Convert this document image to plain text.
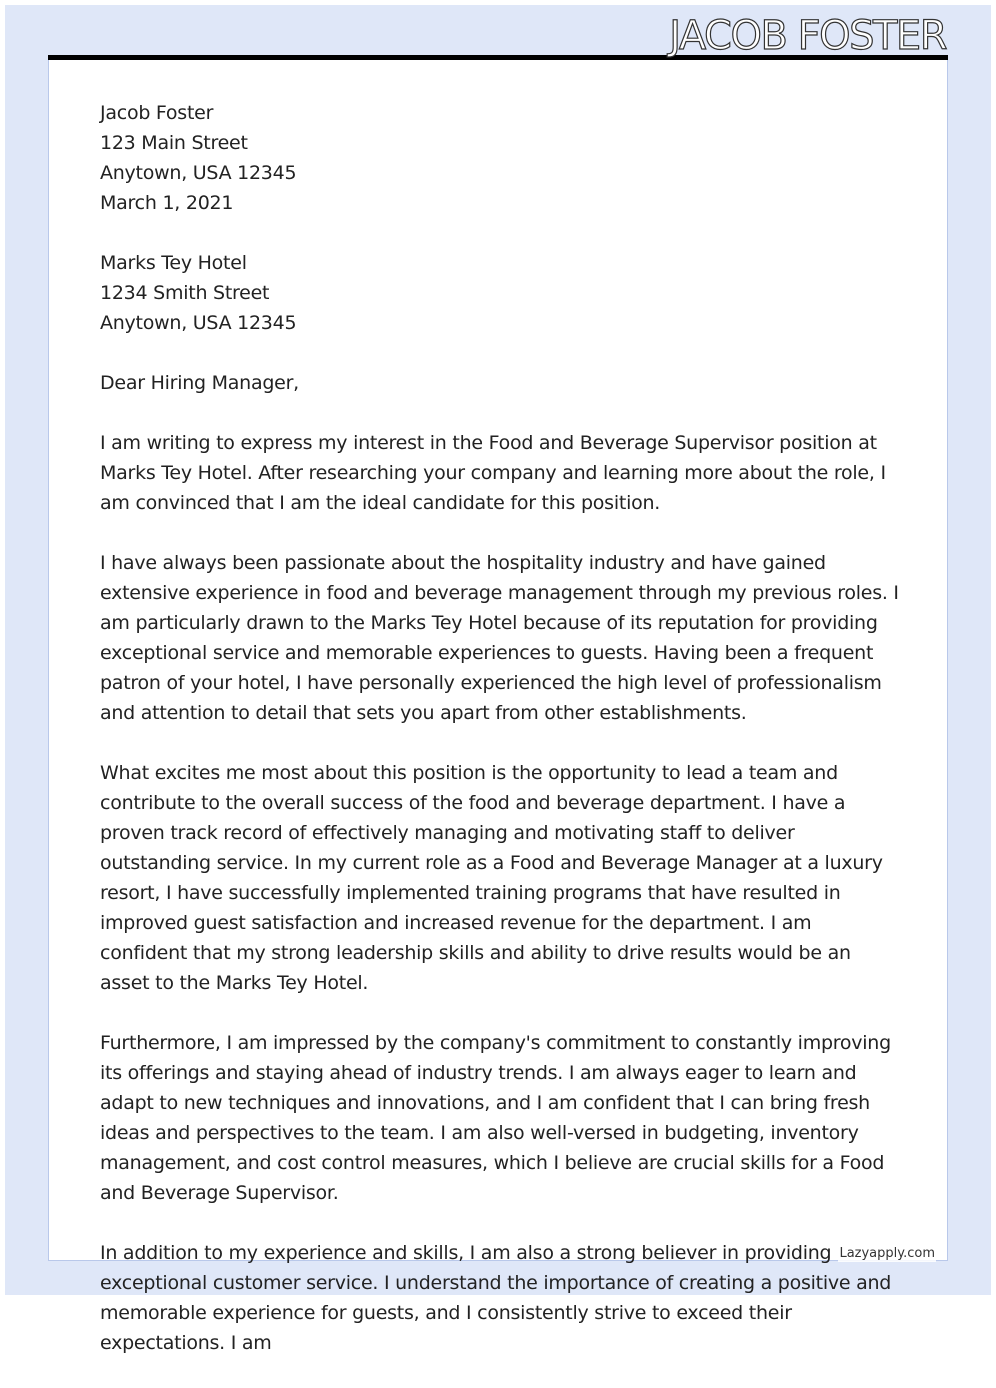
JACOB FOSTER

Jacob Foster
123 Main Street
Anytown, USA 12345
March 1, 2021

Marks Tey Hotel
1234 Smith Street
Anytown, USA 12345

Dear Hiring Manager,

I am writing to express my interest in the Food and Beverage Supervisor position at Marks Tey Hotel. After researching your company and learning more about the role, I am convinced that I am the ideal candidate for this position.

I have always been passionate about the hospitality industry and have gained extensive experience in food and beverage management through my previous roles. I am particularly drawn to the Marks Tey Hotel because of its reputation for providing exceptional service and memorable experiences to guests. Having been a frequent patron of your hotel, I have personally experienced the high level of professionalism and attention to detail that sets you apart from other establishments.

What excites me most about this position is the opportunity to lead a team and contribute to the overall success of the food and beverage department. I have a proven track record of effectively managing and motivating staff to deliver outstanding service. In my current role as a Food and Beverage Manager at a luxury resort, I have successfully implemented training programs that have resulted in improved guest satisfaction and increased revenue for the department. I am confident that my strong leadership skills and ability to drive results would be an asset to the Marks Tey Hotel.

Furthermore, I am impressed by the company's commitment to constantly improving its offerings and staying ahead of industry trends. I am always eager to learn and adapt to new techniques and innovations, and I am confident that I can bring fresh ideas and perspectives to the team. I am also well-versed in budgeting, inventory management, and cost control measures, which I believe are crucial skills for a Food and Beverage Supervisor.

In addition to my experience and skills, I am also a strong believer in providing exceptional customer service. I understand the importance of creating a positive and memorable experience for guests, and I consistently strive to exceed their expectations. I am

Lazyapply.com
